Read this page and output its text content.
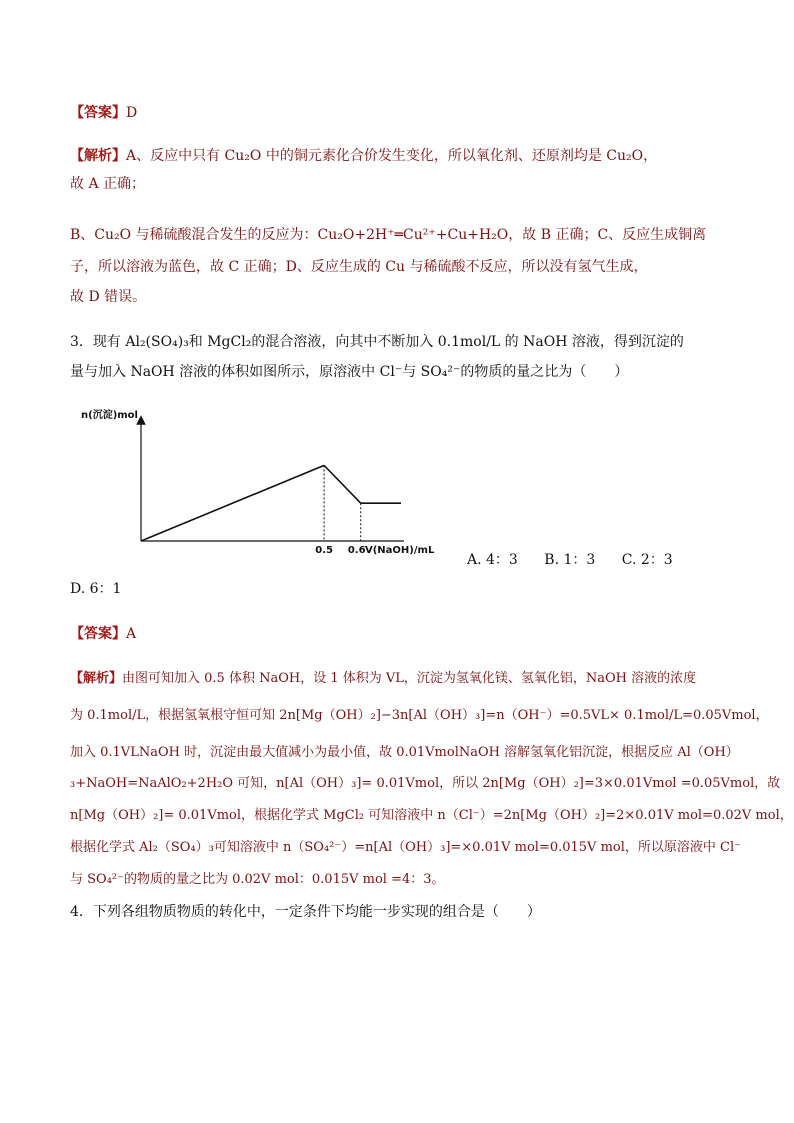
【答案】D
【解析】A、反应中只有 Cu₂O 中的铜元素化合价发生变化，所以氧化剂、还原剂均是 Cu₂O，
故 A 正确；
B、Cu₂O 与稀硫酸混合发生的反应为：Cu₂O+2H⁺═Cu²⁺+Cu+H₂O，故 B 正确；C、反应生成铜离
子，所以溶液为蓝色，故 C 正确；D、反应生成的 Cu 与稀硫酸不反应，所以没有氢气生成，
故 D 错误。
3．现有 Al₂(SO₄)₃和 MgCl₂的混合溶液，向其中不断加入 0.1mol/L 的 NaOH 溶液，得到沉淀的
量与加入 NaOH 溶液的体积如图所示，原溶液中 Cl⁻与 SO₄²⁻的物质的量之比为（　　）
n(沉淀)mol
0.5 0.6 V(NaOH)/mL
A. 4：3 B. 1：3 C. 2：3
D. 6：1
【答案】A
【解析】由图可知加入 0.5 体积 NaOH，设 1 体积为 VL，沉淀为氢氧化镁、氢氧化铝，NaOH 溶液的浓度
为 0.1mol/L，根据氢氧根守恒可知 2n[Mg（OH）₂]−3n[Al（OH）₃]=n（OH⁻）=0.5VL× 0.1mol/L=0.05Vmol，
加入 0.1VLNaOH 时，沉淀由最大值减小为最小值，故 0.01VmolNaOH 溶解氢氧化铝沉淀，根据反应 Al（OH）
₃+NaOH=NaAlO₂+2H₂O 可知，n[Al（OH）₃]= 0.01Vmol，所以 2n[Mg（OH）₂]=3×0.01Vmol =0.05Vmol，故
n[Mg（OH）₂]= 0.01Vmol，根据化学式 MgCl₂ 可知溶液中 n（Cl⁻）=2n[Mg（OH）₂]=2×0.01V mol=0.02V mol，
根据化学式 Al₂（SO₄）₃可知溶液中 n（SO₄²⁻）=n[Al（OH）₃]=×0.01V mol=0.015V mol，所以原溶液中 Cl⁻
与 SO₄²⁻的物质的量之比为 0.02V mol：0.015V mol =4：3。
4．下列各组物质物质的转化中，一定条件下均能一步实现的组合是（　　）
